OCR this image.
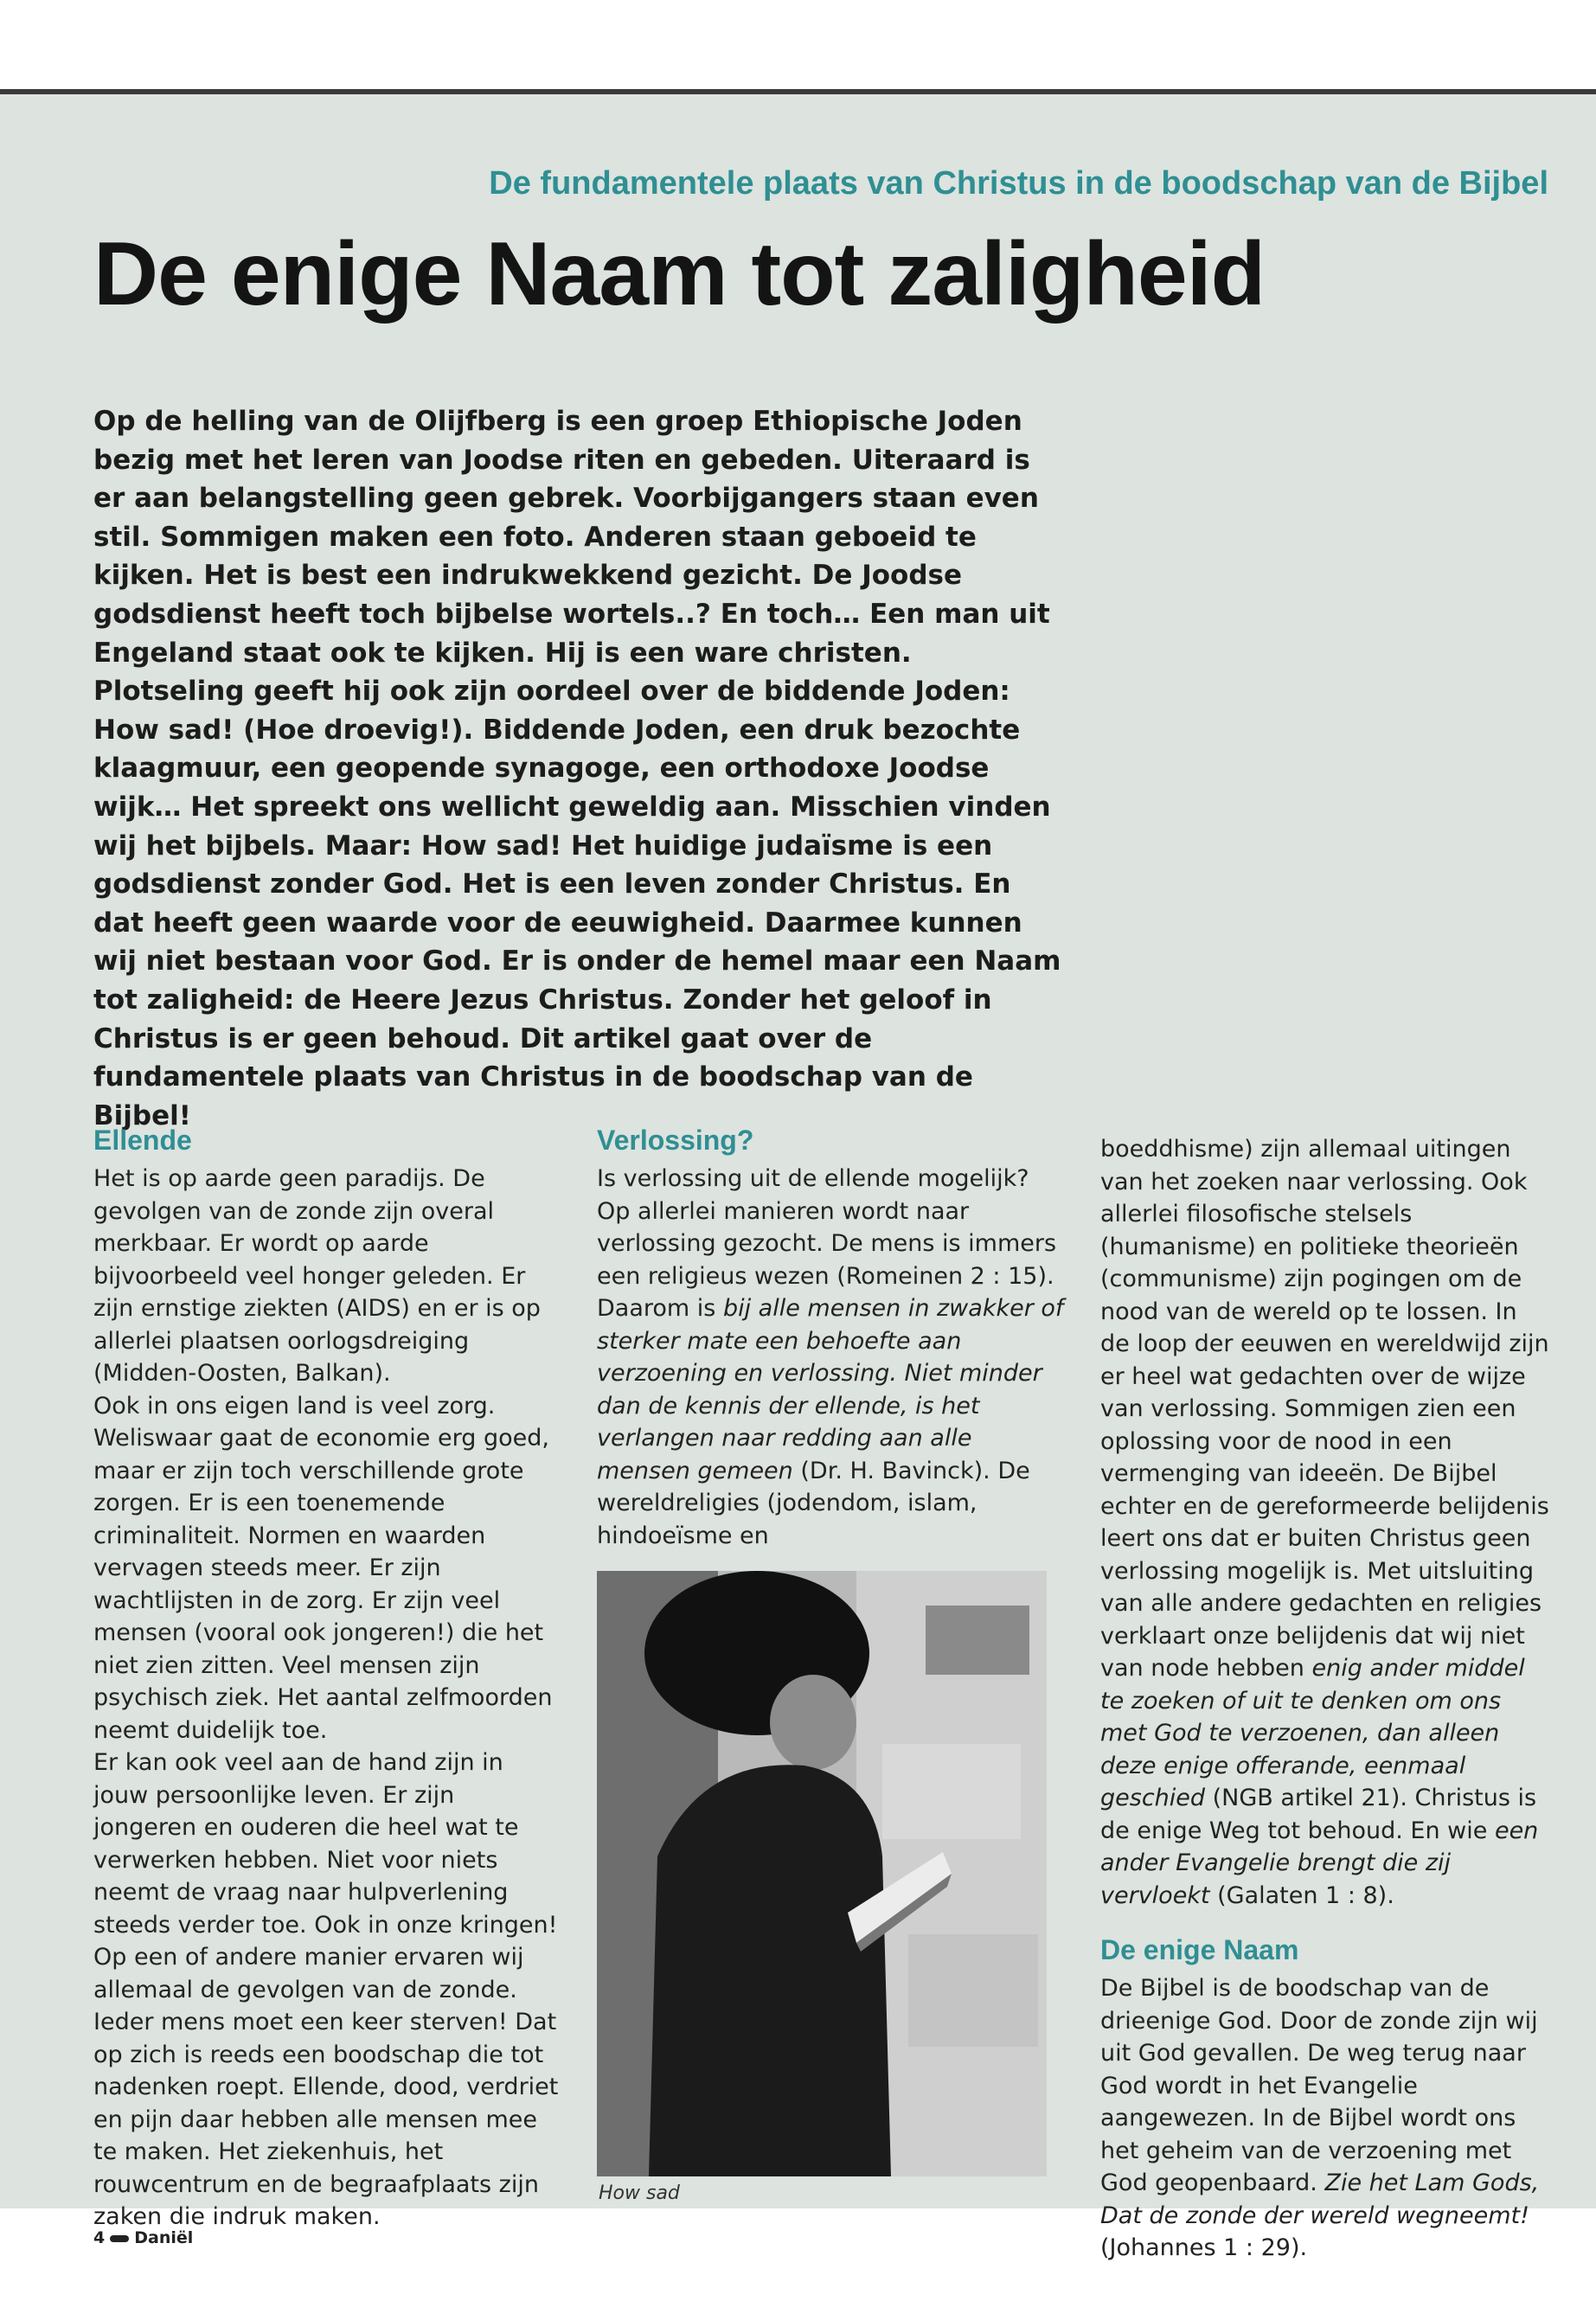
De fundamentele plaats van Christus in de boodschap van de Bijbel
De enige Naam tot zaligheid
Op de helling van de Olijfberg is een groep Ethiopische Joden bezig met het leren van Joodse riten en gebeden. Uiteraard is er aan belangstelling geen gebrek. Voorbijgangers staan even stil. Sommigen maken een foto. Anderen staan geboeid te kijken. Het is best een indrukwekkend gezicht. De Joodse godsdienst heeft toch bijbelse wortels..? En toch… Een man uit Engeland staat ook te kijken. Hij is een ware christen. Plotseling geeft hij ook zijn oordeel over de biddende Joden: How sad! (Hoe droevig!). Biddende Joden, een druk bezochte klaagmuur, een geopende synagoge, een orthodoxe Joodse wijk… Het spreekt ons wellicht geweldig aan. Misschien vinden wij het bijbels. Maar: How sad! Het huidige judaïsme is een godsdienst zonder God. Het is een leven zonder Christus. En dat heeft geen waarde voor de eeuwigheid. Daarmee kunnen wij niet bestaan voor God. Er is onder de hemel maar een Naam tot zaligheid: de Heere Jezus Christus. Zonder het geloof in Christus is er geen behoud. Dit artikel gaat over de fundamentele plaats van Christus in de boodschap van de Bijbel!
Ellende

Het is op aarde geen paradijs. De gevolgen van de zonde zijn overal merkbaar. Er wordt op aarde bijvoorbeeld veel honger geleden. Er zijn ernstige ziekten (AIDS) en er is op allerlei plaatsen oorlogsdreiging (Midden-Oosten, Balkan).

Ook in ons eigen land is veel zorg. Weliswaar gaat de economie erg goed, maar er zijn toch verschillende grote zorgen. Er is een toenemende criminaliteit. Normen en waarden vervagen steeds meer. Er zijn wachtlijsten in de zorg. Er zijn veel mensen (vooral ook jongeren!) die het niet zien zitten. Veel mensen zijn psychisch ziek. Het aantal zelfmoorden neemt duidelijk toe.

Er kan ook veel aan de hand zijn in jouw persoonlijke leven. Er zijn jongeren en ouderen die heel wat te verwerken hebben. Niet voor niets neemt de vraag naar hulpverlening steeds verder toe. Ook in onze kringen! Op een of andere manier ervaren wij allemaal de gevolgen van de zonde. Ieder mens moet een keer sterven! Dat op zich is reeds een boodschap die tot nadenken roept. Ellende, dood, verdriet en pijn daar hebben alle mensen mee te maken. Het ziekenhuis, het rouwcentrum en de begraafplaats zijn zaken die indruk maken.

Verlossing?

Is verlossing uit de ellende mogelijk? Op allerlei manieren wordt naar verlossing gezocht. De mens is immers een religieus wezen (Romeinen 2 : 15). Daarom is bij alle mensen in zwakker of sterker mate een behoefte aan verzoening en verlossing. Niet minder dan de kennis der ellende, is het verlangen naar redding aan alle mensen gemeen (Dr. H. Bavinck). De wereldreligies (jodendom, islam, hindoeïsme en

How sad

boeddhisme) zijn allemaal uitingen van het zoeken naar verlossing. Ook allerlei filosofische stelsels (humanisme) en politieke theorieën (communisme) zijn pogingen om de nood van de wereld op te lossen. In de loop der eeuwen en wereldwijd zijn er heel wat gedachten over de wijze van verlossing. Sommigen zien een oplossing voor de nood in een vermenging van ideeën. De Bijbel echter en de gereformeerde belijdenis leert ons dat er buiten Christus geen verlossing mogelijk is. Met uitsluiting van alle andere gedachten en religies verklaart onze belijdenis dat wij niet van node hebben enig ander middel te zoeken of uit te denken om ons met God te verzoenen, dan alleen deze enige offerande, eenmaal geschied (NGB artikel 21). Christus is de enige Weg tot behoud. En wie een ander Evangelie brengt die zij vervloekt (Galaten 1 : 8).

De enige Naam

De Bijbel is de boodschap van de drieenige God. Door de zonde zijn wij uit God gevallen. De weg terug naar God wordt in het Evangelie aangewezen. In de Bijbel wordt ons het geheim van de verzoening met God geopenbaard. Zie het Lam Gods, Dat de zonde der wereld wegneemt! (Johannes 1 : 29).

4 Daniël
